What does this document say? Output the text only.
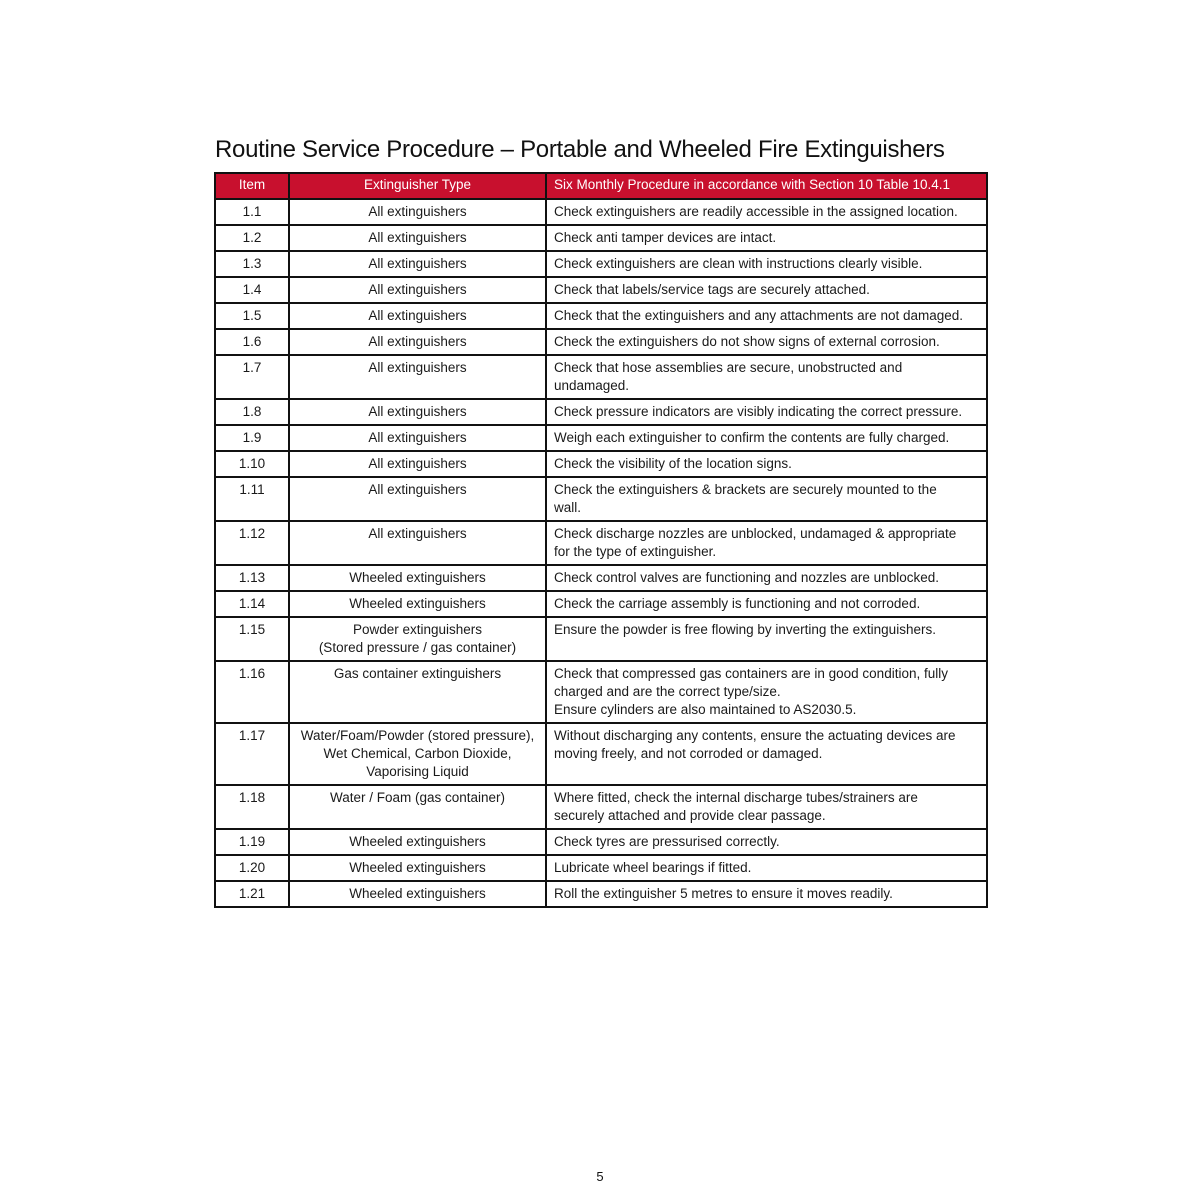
Routine Service Procedure – Portable and Wheeled Fire Extinguishers
Item	Extinguisher Type	Six Monthly Procedure in accordance with Section 10 Table 10.4.1
1.1	All extinguishers	Check extinguishers are readily accessible in the assigned location.
1.2	All extinguishers	Check anti tamper devices are intact.
1.3	All extinguishers	Check extinguishers are clean with instructions clearly visible.
1.4	All extinguishers	Check that labels/service tags are securely attached.
1.5	All extinguishers	Check that the extinguishers and any attachments are not damaged.
1.6	All extinguishers	Check the extinguishers do not show signs of external corrosion.
1.7	All extinguishers	Check that hose assemblies are secure, unobstructed and
undamaged.
1.8	All extinguishers	Check pressure indicators are visibly indicating the correct pressure.
1.9	All extinguishers	Weigh each extinguisher to confirm the contents are fully charged.
1.10	All extinguishers	Check the visibility of the location signs.
1.11	All extinguishers	Check the extinguishers & brackets are securely mounted to the
wall.
1.12	All extinguishers	Check discharge nozzles are unblocked, undamaged & appropriate
for the type of extinguisher.
1.13	Wheeled extinguishers	Check control valves are functioning and nozzles are unblocked.
1.14	Wheeled extinguishers	Check the carriage assembly is functioning and not corroded.
1.15	Powder extinguishers
(Stored pressure / gas container)	Ensure the powder is free flowing by inverting the extinguishers.
1.16	Gas container extinguishers	Check that compressed gas containers are in good condition, fully
charged and are the correct type/size.
Ensure cylinders are also maintained to AS2030.5.
1.17	Water/Foam/Powder (stored pressure),
Wet Chemical, Carbon Dioxide,
Vaporising Liquid	Without discharging any contents, ensure the actuating devices are
moving freely, and not corroded or damaged.
1.18	Water / Foam (gas container)	Where fitted, check the internal discharge tubes/strainers are
securely attached and provide clear passage.
1.19	Wheeled extinguishers	Check tyres are pressurised correctly.
1.20	Wheeled extinguishers	Lubricate wheel bearings if fitted.
1.21	Wheeled extinguishers	Roll the extinguisher 5 metres to ensure it moves readily.
5
